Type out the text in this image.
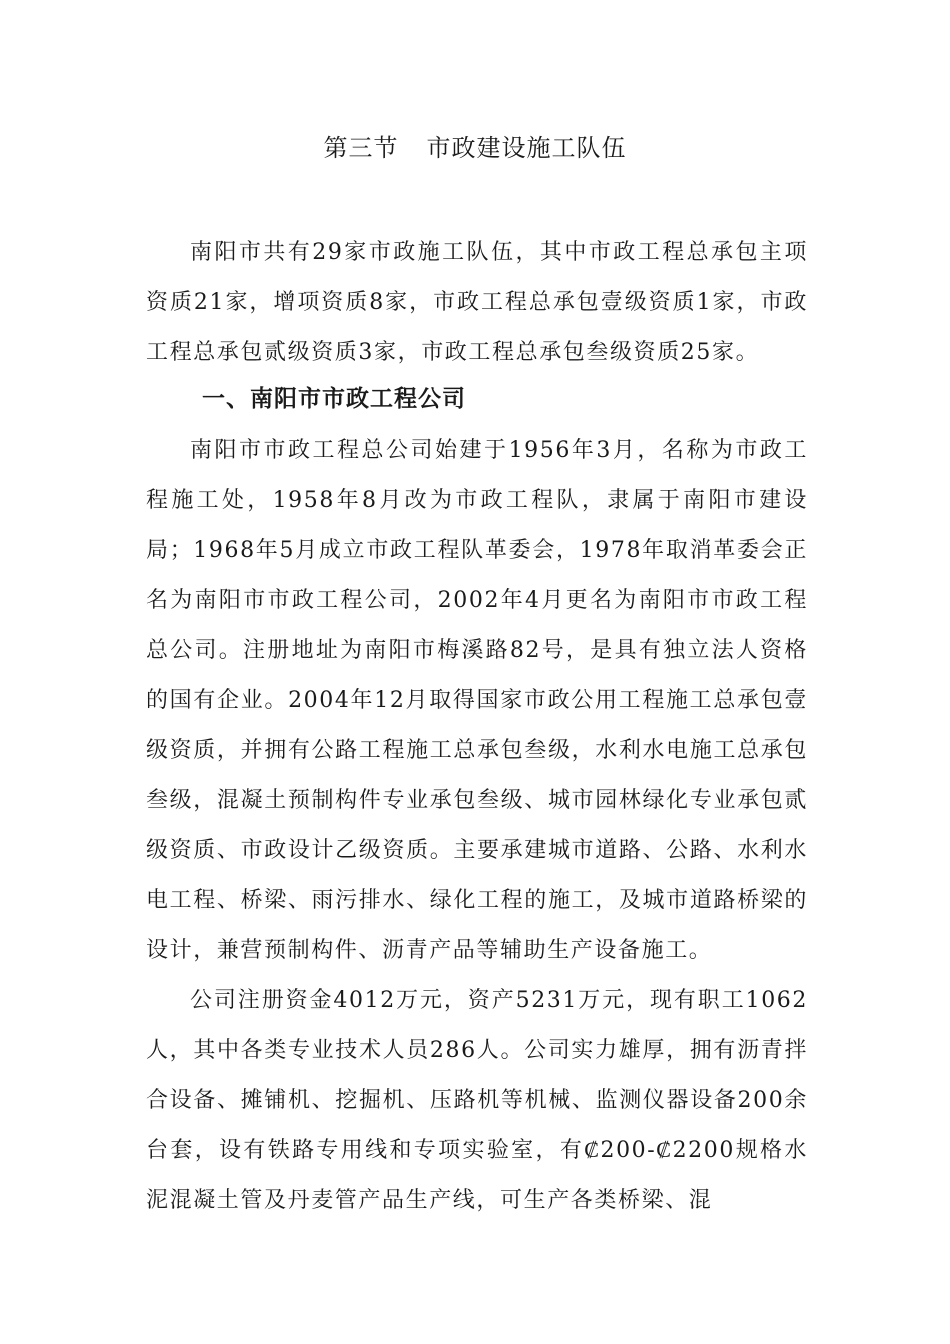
第三节 市政建设施工队伍

南阳市共有29家市政施工队伍，其中市政工程总承包主项资质21家，增项资质8家，市政工程总承包壹级资质1家，市政工程总承包贰级资质3家，市政工程总承包叁级资质25家。

一、南阳市市政工程公司

南阳市市政工程总公司始建于1956年3月，名称为市政工程施工处，1958年8月改为市政工程队，隶属于南阳市建设局；1968年5月成立市政工程队革委会，1978年取消革委会正名为南阳市市政工程公司，2002年4月更名为南阳市市政工程总公司。注册地址为南阳市梅溪路82号，是具有独立法人资格的国有企业。2004年12月取得国家市政公用工程施工总承包壹级资质，并拥有公路工程施工总承包叁级，水利水电施工总承包叁级，混凝土预制构件专业承包叁级、城市园林绿化专业承包贰级资质、市政设计乙级资质。主要承建城市道路、公路、水利水电工程、桥梁、雨污排水、绿化工程的施工，及城市道路桥梁的设计，兼营预制构件、沥青产品等辅助生产设备施工。

公司注册资金4012万元，资产5231万元，现有职工1062人，其中各类专业技术人员286人。公司实力雄厚，拥有沥青拌合设备、摊铺机、挖掘机、压路机等机械、监测仪器设备200余台套，设有铁路专用线和专项实验室，有₡200-₡2200规格水泥混凝土管及丹麦管产品生产线，可生产各类桥梁、混
